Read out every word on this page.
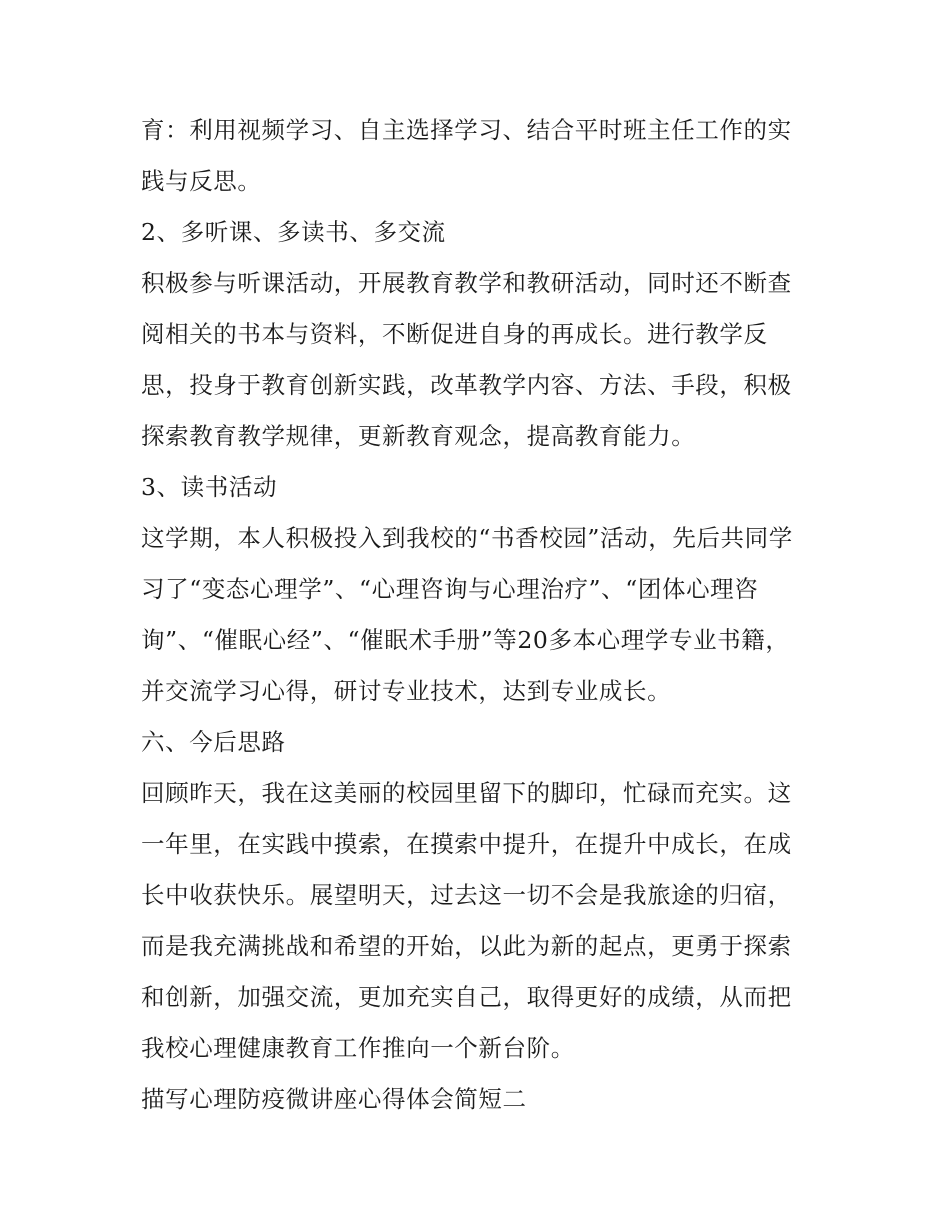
育：利用视频学习、自主选择学习、结合平时班主任工作的实
践与反思。
2、多听课、多读书、多交流
积极参与听课活动，开展教育教学和教研活动，同时还不断查
阅相关的书本与资料，不断促进自身的再成长。进行教学反
思，投身于教育创新实践，改革教学内容、方法、手段，积极
探索教育教学规律，更新教育观念，提高教育能力。
3、读书活动
这学期，本人积极投入到我校的“书香校园”活动，先后共同学
习了“变态心理学”、“心理咨询与心理治疗”、“团体心理咨
询”、“催眠心经”、“催眠术手册”等20多本心理学专业书籍，
并交流学习心得，研讨专业技术，达到专业成长。
六、今后思路
回顾昨天，我在这美丽的校园里留下的脚印，忙碌而充实。这
一年里，在实践中摸索，在摸索中提升，在提升中成长，在成
长中收获快乐。展望明天，过去这一切不会是我旅途的归宿，
而是我充满挑战和希望的开始，以此为新的起点，更勇于探索
和创新，加强交流，更加充实自己，取得更好的成绩，从而把
我校心理健康教育工作推向一个新台阶。
描写心理防疫微讲座心得体会简短二
